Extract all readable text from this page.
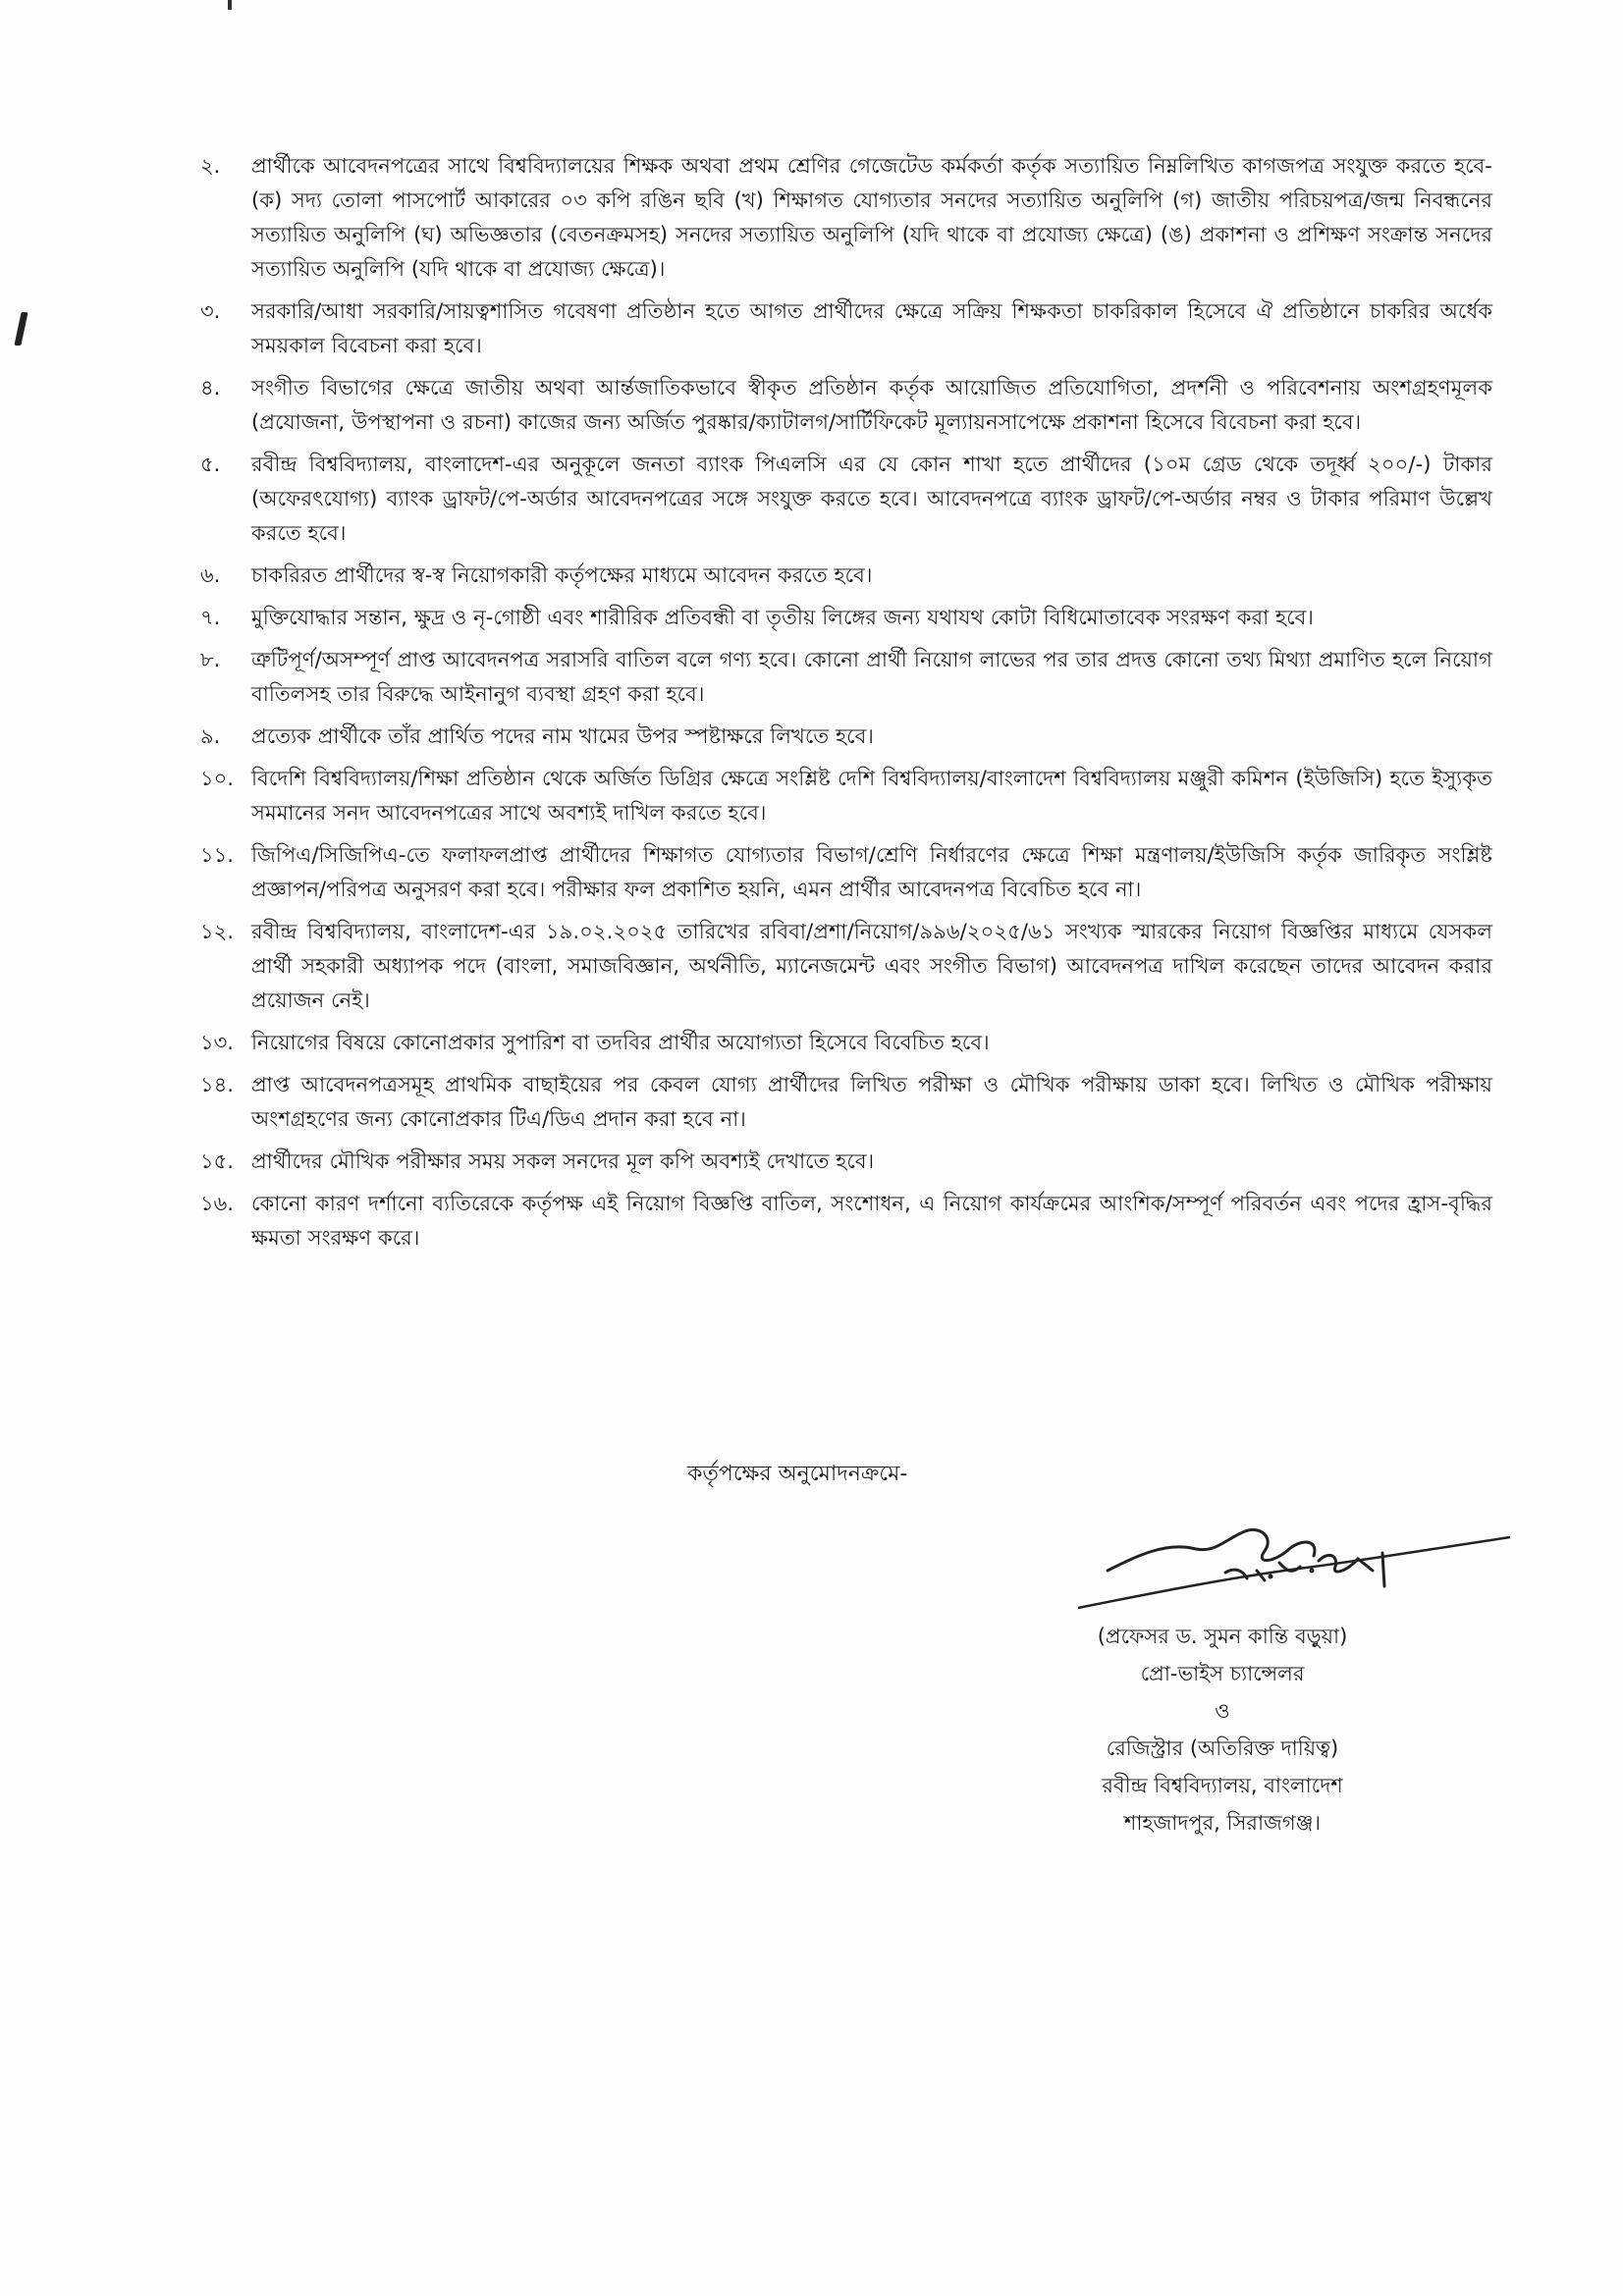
২.	প্রার্থীকে আবেদনপত্রের সাথে বিশ্ববিদ্যালয়ের শিক্ষক অথবা প্রথম শ্রেণির গেজেটেড কর্মকর্তা কর্তৃক সত্যায়িত নিম্নলিখিত কাগজপত্র সংযুক্ত করতে হবে- (ক) সদ্য তোলা পাসপোর্ট আকারের ০৩ কপি রঙিন ছবি (খ) শিক্ষাগত যোগ্যতার সনদের সত্যায়িত অনুলিপি (গ) জাতীয় পরিচয়পত্র/জন্ম নিবন্ধনের সত্যায়িত অনুলিপি (ঘ) অভিজ্ঞতার (বেতনক্রমসহ) সনদের সত্যায়িত অনুলিপি (যদি থাকে বা প্রযোজ্য ক্ষেত্রে) (ঙ) প্রকাশনা ও প্রশিক্ষণ সংক্রান্ত সনদের সত্যায়িত অনুলিপি (যদি থাকে বা প্রযোজ্য ক্ষেত্রে)।
৩.	সরকারি/আধা সরকারি/সায়ত্বশাসিত গবেষণা প্রতিষ্ঠান হতে আগত প্রার্থীদের ক্ষেত্রে সক্রিয় শিক্ষকতা চাকরিকাল হিসেবে ঐ প্রতিষ্ঠানে চাকরির অর্ধেক সময়কাল বিবেচনা করা হবে।
৪.	সংগীত বিভাগের ক্ষেত্রে জাতীয় অথবা আর্ন্তজাতিকভাবে স্বীকৃত প্রতিষ্ঠান কর্তৃক আয়োজিত প্রতিযোগিতা, প্রদর্শনী ও পরিবেশনায় অংশগ্রহণমূলক (প্রযোজনা, উপস্থাপনা ও রচনা) কাজের জন্য অর্জিত পুরষ্কার/ক্যাটালগ/সার্টিফিকেট মূল্যায়নসাপেক্ষে প্রকাশনা হিসেবে বিবেচনা করা হবে।
৫.	রবীন্দ্র বিশ্ববিদ্যালয়, বাংলাদেশ-এর অনুকূলে জনতা ব্যাংক পিএলসি এর যে কোন শাখা হতে প্রার্থীদের (১০ম গ্রেড থেকে তদূর্ধ্ব ২০০/-) টাকার (অফেরৎযোগ্য) ব্যাংক ড্রাফট/পে-অর্ডার আবেদনপত্রের সঙ্গে সংযুক্ত করতে হবে। আবেদনপত্রে ব্যাংক ড্রাফট/পে-অর্ডার নম্বর ও টাকার পরিমাণ উল্লেখ করতে হবে।
৬.	চাকরিরত প্রার্থীদের স্ব-স্ব নিয়োগকারী কর্তৃপক্ষের মাধ্যমে আবেদন করতে হবে।
৭.	মুক্তিযোদ্ধার সন্তান, ক্ষুদ্র ও নৃ-গোষ্ঠী এবং শারীরিক প্রতিবন্ধী বা তৃতীয় লিঙ্গের জন্য যথাযথ কোটা বিধিমোতাবেক সংরক্ষণ করা হবে।
৮.	ত্রুটিপূর্ণ/অসম্পূর্ণ প্রাপ্ত আবেদনপত্র সরাসরি বাতিল বলে গণ্য হবে। কোনো প্রার্থী নিয়োগ লাভের পর তার প্রদত্ত কোনো তথ্য মিথ্যা প্রমাণিত হলে নিয়োগ বাতিলসহ তার বিরুদ্ধে আইনানুগ ব্যবস্থা গ্রহণ করা হবে।
৯.	প্রত্যেক প্রার্থীকে তাঁর প্রার্থিত পদের নাম খামের উপর স্পষ্টাক্ষরে লিখতে হবে।
১০. বিদেশি বিশ্ববিদ্যালয়/শিক্ষা প্রতিষ্ঠান থেকে অর্জিত ডিগ্রির ক্ষেত্রে সংশ্লিষ্ট দেশি বিশ্ববিদ্যালয়/বাংলাদেশ বিশ্ববিদ্যালয় মঞ্জুরী কমিশন (ইউজিসি) হতে ইস্যুকৃত সমমানের সনদ আবেদনপত্রের সাথে অবশ্যই দাখিল করতে হবে।
১১. জিপিএ/সিজিপিএ-তে ফলাফলপ্রাপ্ত প্রার্থীদের শিক্ষাগত যোগ্যতার বিভাগ/শ্রেণি নির্ধারণের ক্ষেত্রে শিক্ষা মন্ত্রণালয়/ইউজিসি কর্তৃক জারিকৃত সংশ্লিষ্ট প্রজ্ঞাপন/পরিপত্র অনুসরণ করা হবে। পরীক্ষার ফল প্রকাশিত হয়নি, এমন প্রার্থীর আবেদনপত্র বিবেচিত হবে না।
১২. রবীন্দ্র বিশ্ববিদ্যালয়, বাংলাদেশ-এর ১৯.০২.২০২৫ তারিখের রবিবা/প্রশা/নিয়োগ/৯৯৬/২০২৫/৬১ সংখ্যক স্মারকের নিয়োগ বিজ্ঞপ্তির মাধ্যমে যেসকল প্রার্থী সহকারী অধ্যাপক পদে (বাংলা, সমাজবিজ্ঞান, অর্থনীতি, ম্যানেজমেন্ট এবং সংগীত বিভাগ) আবেদনপত্র দাখিল করেছেন তাদের আবেদন করার প্রয়োজন নেই।
১৩. নিয়োগের বিষয়ে কোনোপ্রকার সুপারিশ বা তদবির প্রার্থীর অযোগ্যতা হিসেবে বিবেচিত হবে।
১৪. প্রাপ্ত আবেদনপত্রসমূহ প্রাথমিক বাছাইয়ের পর কেবল যোগ্য প্রার্থীদের লিখিত পরীক্ষা ও মৌখিক পরীক্ষায় ডাকা হবে। লিখিত ও মৌখিক পরীক্ষায় অংশগ্রহণের জন্য কোনোপ্রকার টিএ/ডিএ প্রদান করা হবে না।
১৫. প্রার্থীদের মৌখিক পরীক্ষার সময় সকল সনদের মূল কপি অবশ্যই দেখাতে হবে।
১৬. কোনো কারণ দর্শানো ব্যতিরেকে কর্তৃপক্ষ এই নিয়োগ বিজ্ঞপ্তি বাতিল, সংশোধন, এ নিয়োগ কার্যক্রমের আংশিক/সম্পূর্ণ পরিবর্তন এবং পদের হ্রাস-বৃদ্ধির ক্ষমতা সংরক্ষণ করে।
কর্তৃপক্ষের অনুমোদনক্রমে-
(প্রফেসর ড. সুমন কান্তি বড়ুয়া)
প্রো-ভাইস চ্যান্সেলর
ও
রেজিস্ট্রার (অতিরিক্ত দায়িত্ব)
রবীন্দ্র বিশ্ববিদ্যালয়, বাংলাদেশ
শাহজাদপুর, সিরাজগঞ্জ।
